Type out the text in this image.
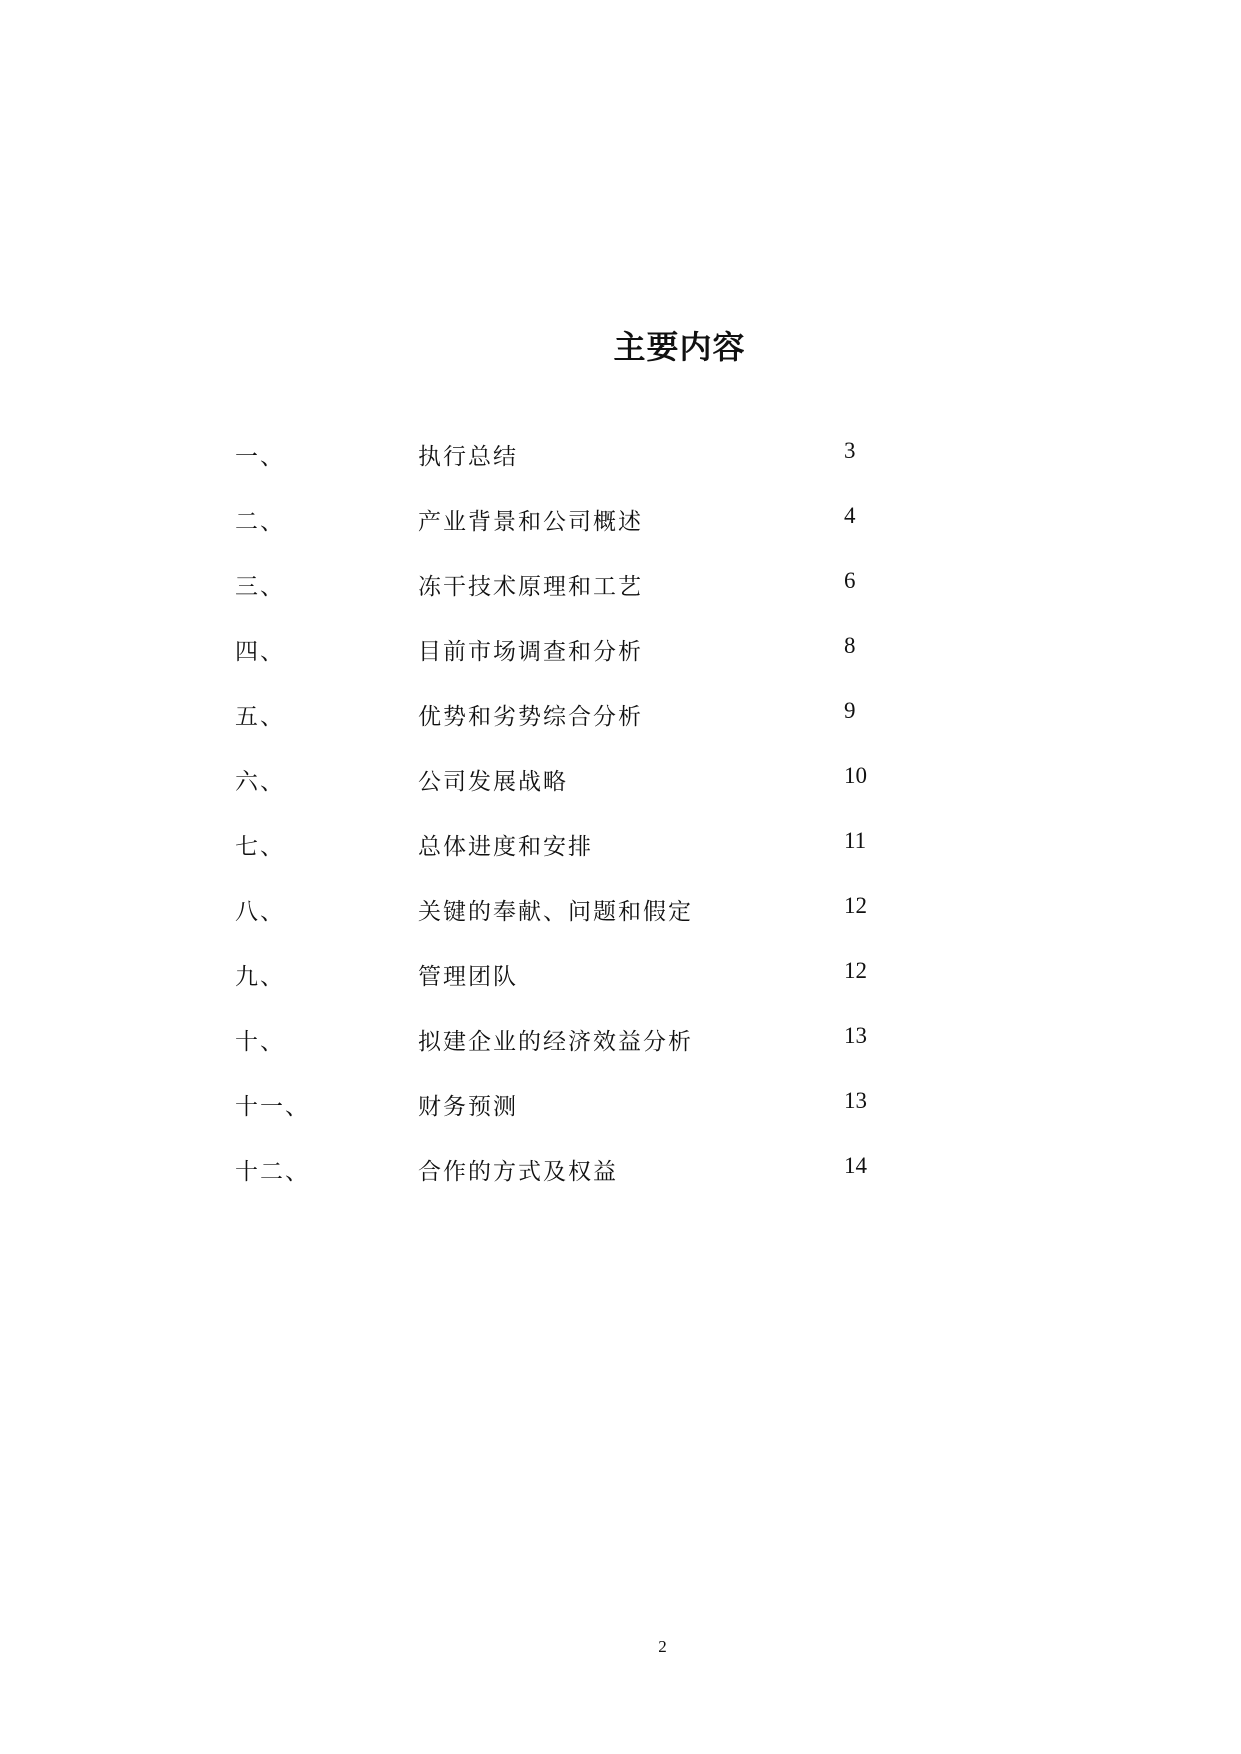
主要内容
一、	执行总结	3
二、	产业背景和公司概述	4
三、	冻干技术原理和工艺	6
四、	目前市场调查和分析	8
五、	优势和劣势综合分析	9
六、	公司发展战略	10
七、	总体进度和安排	11
八、	关键的奉献、问题和假定	12
九、	管理团队	12
十、	拟建企业的经济效益分析	13
十一、	财务预测	13
十二、	合作的方式及权益	14
2
